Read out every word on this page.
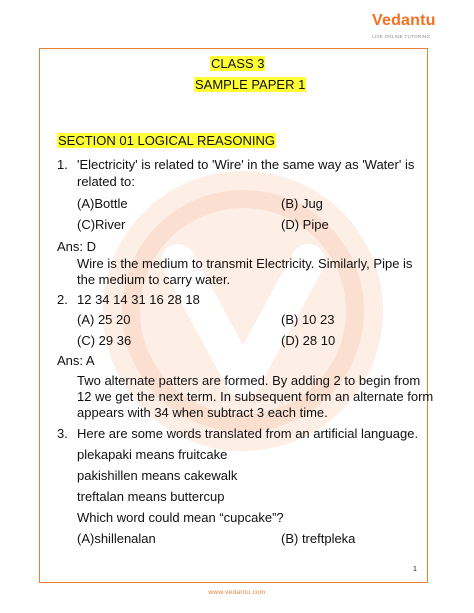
Vedantu
LIVE ONLINE TUTORING
CLASS 3
SAMPLE PAPER 1
SECTION 01 LOGICAL REASONING
1. 'Electricity' is related to 'Wire' in the same way as 'Water' is
related to:
(A)Bottle	(B) Jug
(C)River	(D) Pipe
Ans: D
Wire is the medium to transmit Electricity. Similarly, Pipe is
the medium to carry water.
2. 12 34 14 31 16 28 18
(A) 25 20	(B) 10 23
(C) 29 36	(D) 28 10
Ans: A
Two alternate patters are formed. By adding 2 to begin from
12 we get the next term. In subsequent form an alternate form
appears with 34 when subtract 3 each time.
3. Here are some words translated from an artificial language.
plekapaki means fruitcake
pakishillen means cakewalk
treftalan means buttercup
Which word could mean “cupcake”?
(A)shillenalan	(B) treftpleka
1
www.vedantu.com
